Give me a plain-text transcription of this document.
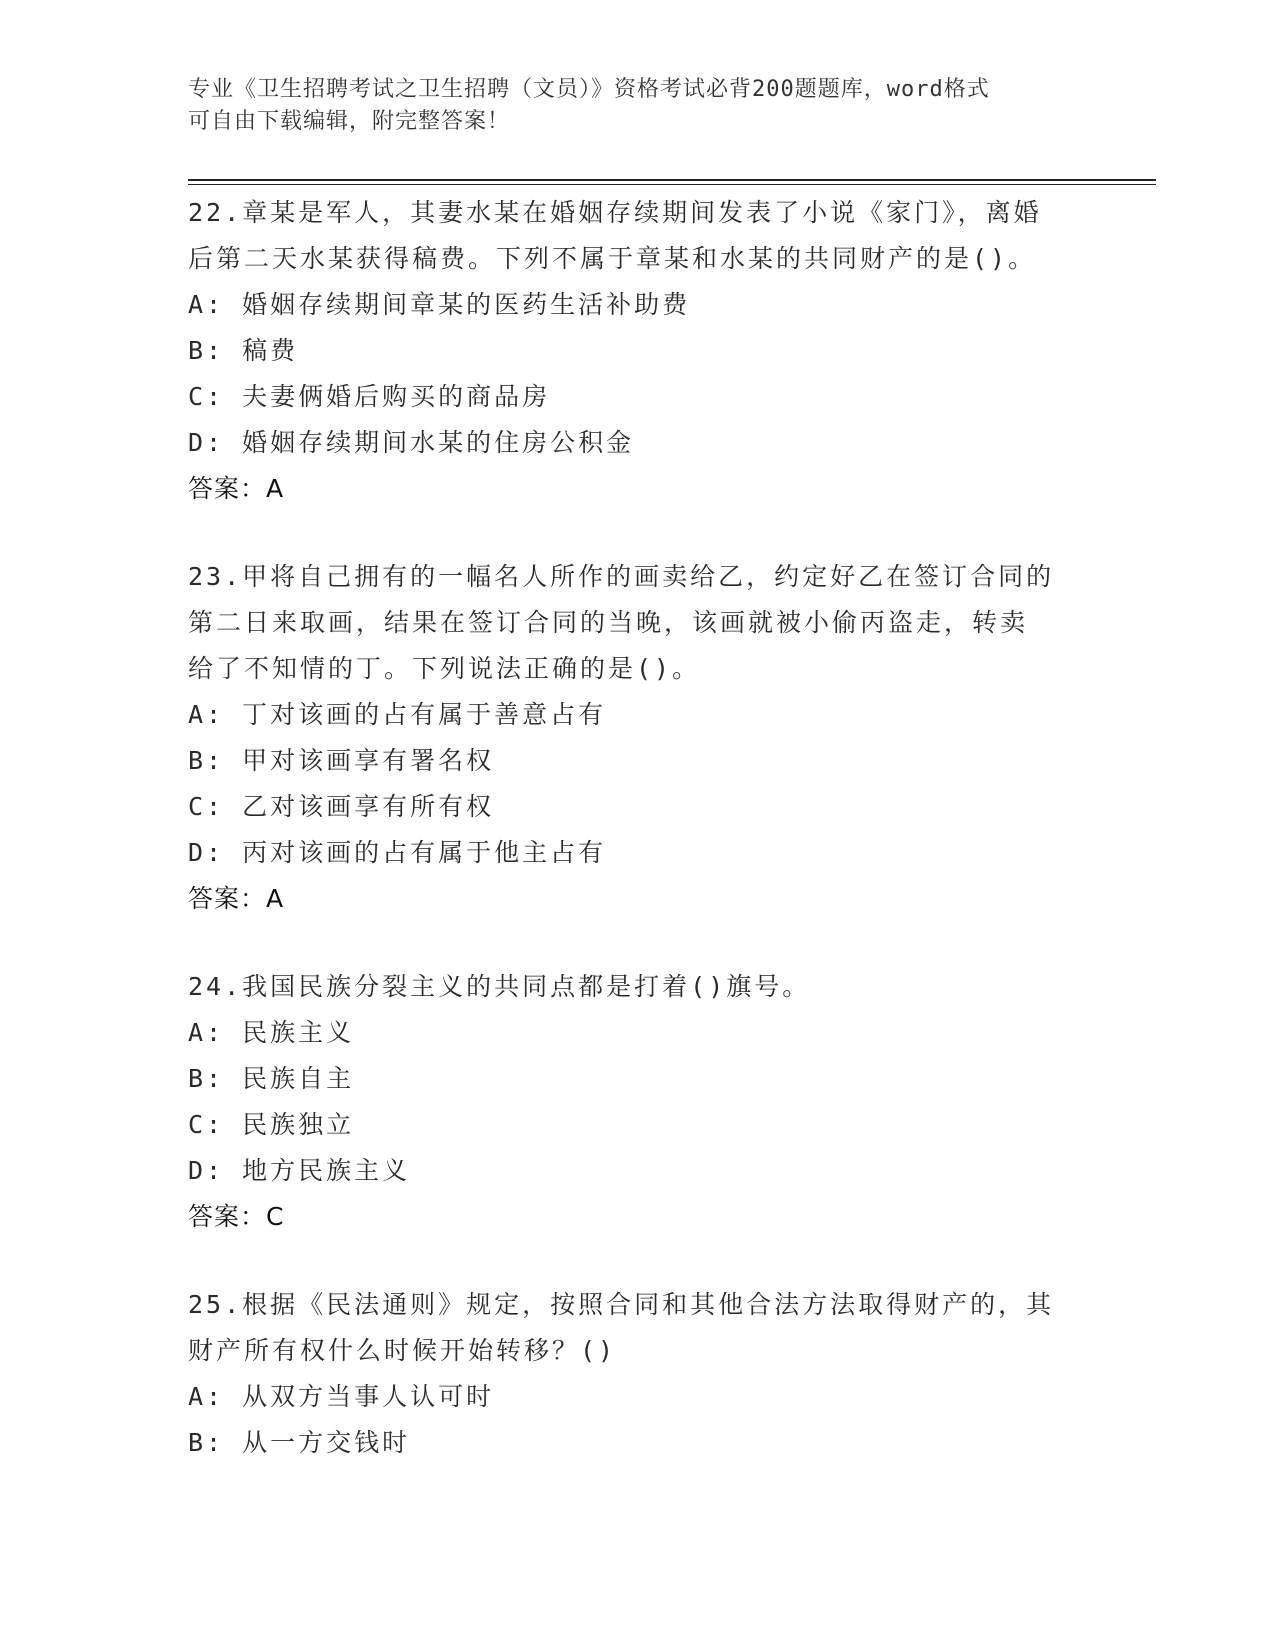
专业《卫生招聘考试之卫生招聘（文员）》资格考试必背200题题库，word格式
可自由下载编辑，附完整答案！
22.章某是军人，其妻水某在婚姻存续期间发表了小说《家门》，离婚
后第二天水某获得稿费。下列不属于章某和水某的共同财产的是()。
A: 婚姻存续期间章某的医药生活补助费
B: 稿费
C: 夫妻俩婚后购买的商品房
D: 婚姻存续期间水某的住房公积金
答案：A
23.甲将自己拥有的一幅名人所作的画卖给乙，约定好乙在签订合同的
第二日来取画，结果在签订合同的当晚，该画就被小偷丙盗走，转卖
给了不知情的丁。下列说法正确的是()。
A: 丁对该画的占有属于善意占有
B: 甲对该画享有署名权
C: 乙对该画享有所有权
D: 丙对该画的占有属于他主占有
答案：A
24.我国民族分裂主义的共同点都是打着()旗号。
A: 民族主义
B: 民族自主
C: 民族独立
D: 地方民族主义
答案：C
25.根据《民法通则》规定，按照合同和其他合法方法取得财产的，其
财产所有权什么时候开始转移？()
A: 从双方当事人认可时
B: 从一方交钱时
